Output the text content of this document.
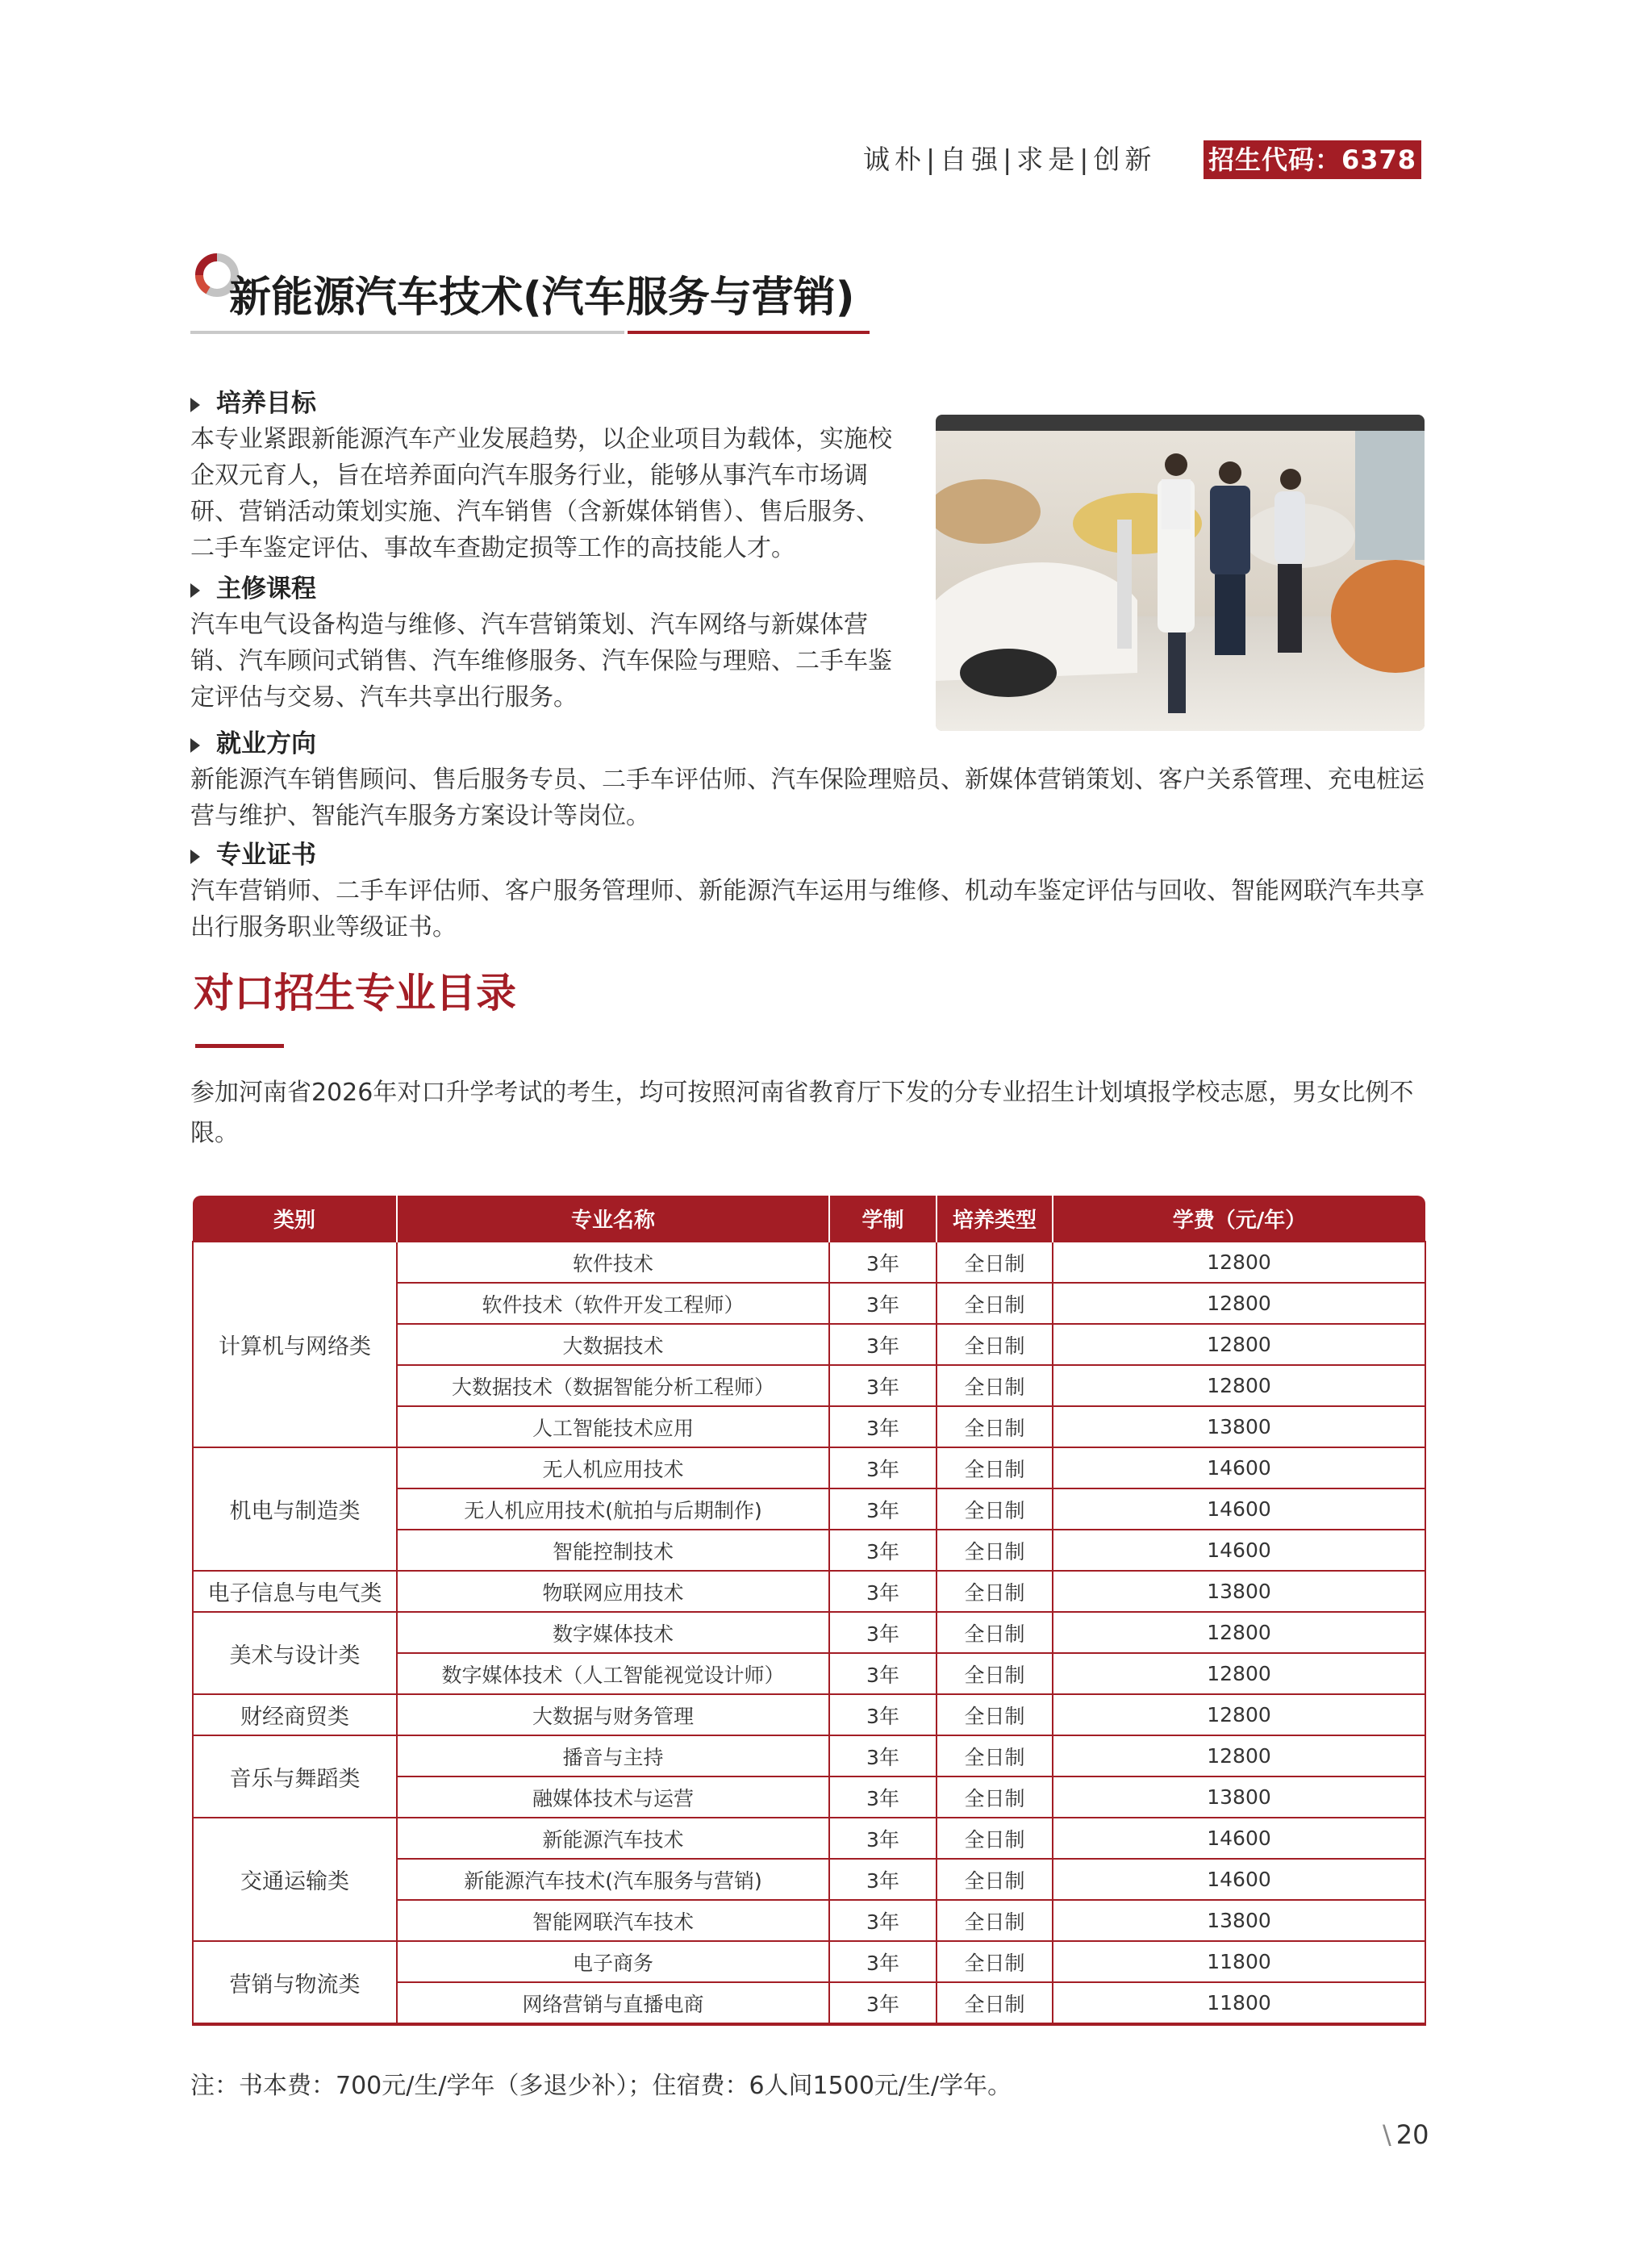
诚朴|自强|求是|创新	招生代码：6378
新能源汽车技术(汽车服务与营销)
培养目标
本专业紧跟新能源汽车产业发展趋势，以企业项目为载体，实施校企双元育人，旨在培养面向汽车服务行业，能够从事汽车市场调研、营销活动策划实施、汽车销售（含新媒体销售）、售后服务、二手车鉴定评估、事故车查勘定损等工作的高技能人才。
主修课程
汽车电气设备构造与维修、汽车营销策划、汽车网络与新媒体营销、汽车顾问式销售、汽车维修服务、汽车保险与理赔、二手车鉴定评估与交易、汽车共享出行服务。
就业方向
新能源汽车销售顾问、售后服务专员、二手车评估师、汽车保险理赔员、新媒体营销策划、客户关系管理、充电桩运营与维护、智能汽车服务方案设计等岗位。
专业证书
汽车营销师、二手车评估师、客户服务管理师、新能源汽车运用与维修、机动车鉴定评估与回收、智能网联汽车共享出行服务职业等级证书。
对口招生专业目录
参加河南省2026年对口升学考试的考生，均可按照河南省教育厅下发的分专业招生计划填报学校志愿，男女比例不限。
类别	专业名称	学制	培养类型	学费（元/年）
计算机与网络类	软件技术	3年	全日制	12800
	软件技术（软件开发工程师）	3年	全日制	12800
	大数据技术	3年	全日制	12800
	大数据技术（数据智能分析工程师）	3年	全日制	12800
	人工智能技术应用	3年	全日制	13800
机电与制造类	无人机应用技术	3年	全日制	14600
	无人机应用技术(航拍与后期制作)	3年	全日制	14600
	智能控制技术	3年	全日制	14600
电子信息与电气类	物联网应用技术	3年	全日制	13800
美术与设计类	数字媒体技术	3年	全日制	12800
	数字媒体技术（人工智能视觉设计师）	3年	全日制	12800
财经商贸类	大数据与财务管理	3年	全日制	12800
音乐与舞蹈类	播音与主持	3年	全日制	12800
	融媒体技术与运营	3年	全日制	13800
交通运输类	新能源汽车技术	3年	全日制	14600
	新能源汽车技术(汽车服务与营销)	3年	全日制	14600
	智能网联汽车技术	3年	全日制	13800
营销与物流类	电子商务	3年	全日制	11800
	网络营销与直播电商	3年	全日制	11800
注：书本费：700元/生/学年（多退少补）；住宿费：6人间1500元/生/学年。
\ 20
